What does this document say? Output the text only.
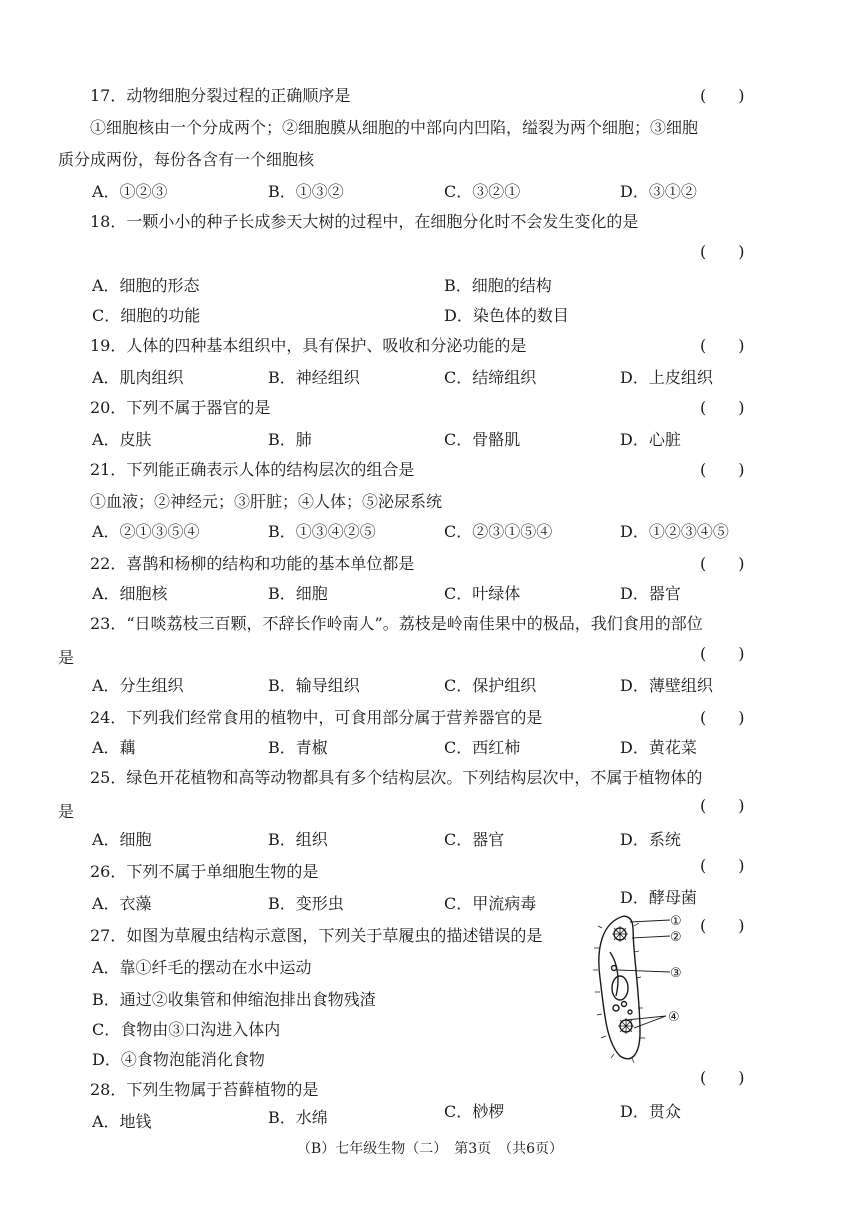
17．动物细胞分裂过程的正确顺序是	(　　)
①细胞核由一个分成两个；②细胞膜从细胞的中部向内凹陷，缢裂为两个细胞；③细胞
质分成两份，每份各含有一个细胞核
A．①②③	B．①③②	C．③②①	D．③①②
18．一颗小小的种子长成参天大树的过程中，在细胞分化时不会发生变化的是
(　　)
A．细胞的形态	B．细胞的结构
C．细胞的功能	D．染色体的数目
19．人体的四种基本组织中，具有保护、吸收和分泌功能的是	(　　)
A．肌肉组织	B．神经组织	C．结缔组织	D．上皮组织
20．下列不属于器官的是	(　　)
A．皮肤	B．肺	C．骨骼肌	D．心脏
21．下列能正确表示人体的结构层次的组合是	(　　)
①血液；②神经元；③肝脏；④人体；⑤泌尿系统
A．②①③⑤④	B．①③④②⑤	C．②③①⑤④	D．①②③④⑤
22．喜鹊和杨柳的结构和功能的基本单位都是	(　　)
A．细胞核	B．细胞	C．叶绿体	D．器官
23．“日啖荔枝三百颗，不辞长作岭南人”。荔枝是岭南佳果中的极品，我们食用的部位
是	(　　)
A．分生组织	B．输导组织	C．保护组织	D．薄壁组织
24．下列我们经常食用的植物中，可食用部分属于营养器官的是	(　　)
A．藕	B．青椒	C．西红柿	D．黄花菜
25．绿色开花植物和高等动物都具有多个结构层次。下列结构层次中，不属于植物体的
是	(　　)
A．细胞	B．组织	C．器官	D．系统
26．下列不属于单细胞生物的是	(　　)
A．衣藻	B．变形虫	C．甲流病毒	D．酵母菌
27．如图为草履虫结构示意图，下列关于草履虫的描述错误的是
(　　)
A．靠①纤毛的摆动在水中运动
B．通过②收集管和伸缩泡排出食物残渣
C．食物由③口沟进入体内
D．④食物泡能消化食物
①
②
③
④
28．下列生物属于苔藓植物的是
(　　)
A．地钱	B．水绵	C．桫椤	D．贯众
（B）七年级生物（二）　第3页　（共6页）
